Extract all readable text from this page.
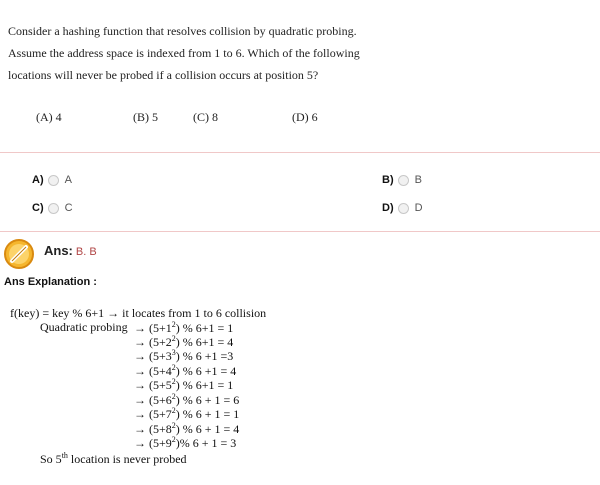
Consider a hashing function that resolves collision by quadratic probing.
Assume the address space is indexed from 1 to 6. Which of the following
locations will never be probed if a collision occurs at position 5?
(A) 4	(B) 5	(C) 8	(D) 6
A) A	B) B
C) C	D) D
Ans: B. B
Ans Explanation :
f(key) = key % 6+1 → it locates from 1 to 6 collision
Quadratic probing → $(5+1^2)$ % 6+1 = 1
→ $(5+2^2)$ % 6+1 = 4
→ $(5+3^3)$ % 6 +1 =3
→ $(5+4^2)$ % 6 +1 = 4
→ $(5+5^2)$ % 6+1 = 1
→ $(5+6^2)$ % 6 + 1 = 6
→ $(5+7^2)$ % 6 + 1 = 1
→ $(5+8^2)$ % 6 + 1 = 4
→ $(5+9^2)\%$ 6 + 1 = 3
So 5th location is never probed
